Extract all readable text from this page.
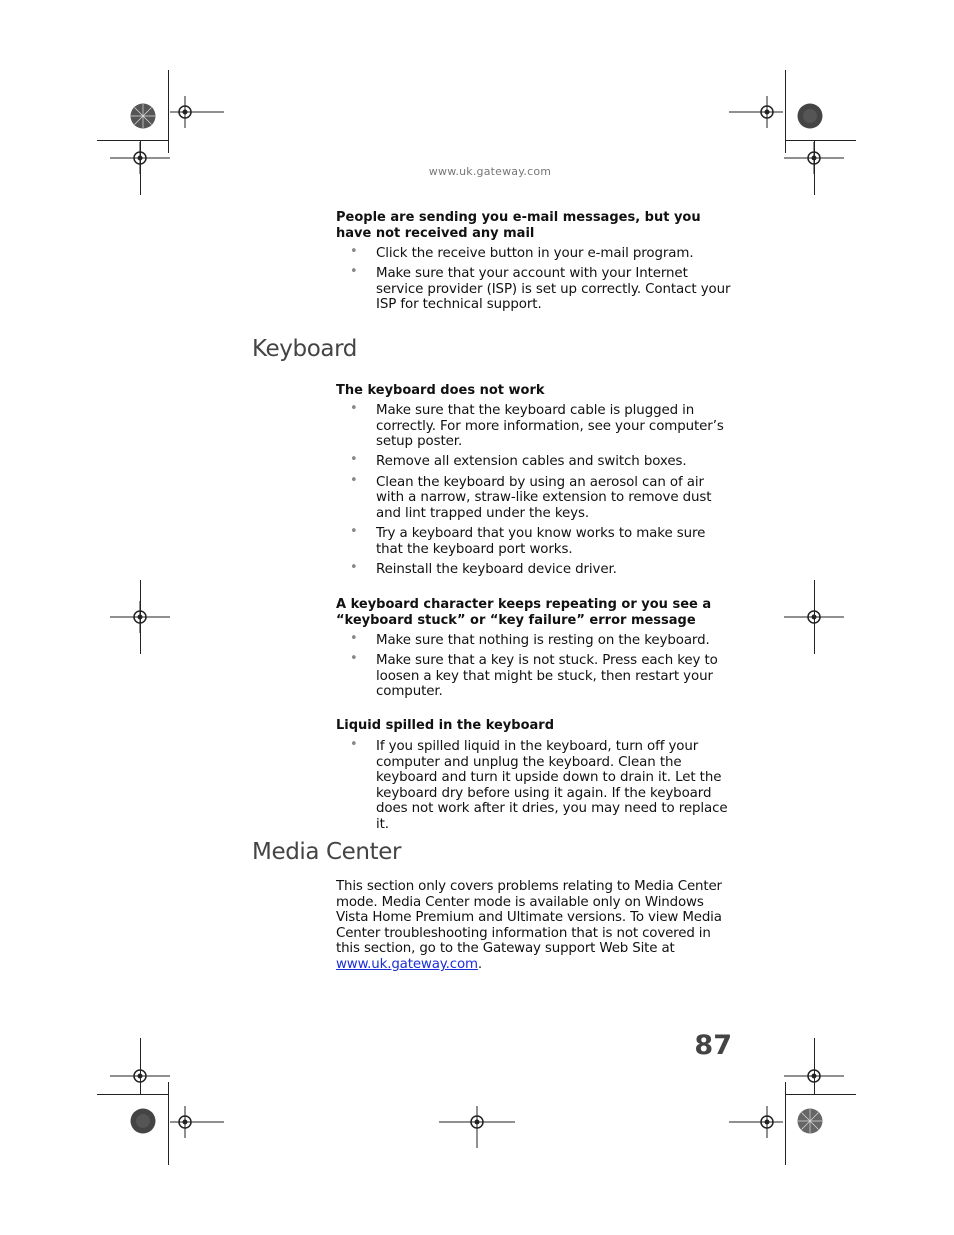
www.uk.gateway.com
People are sending you e-mail messages, but you have not received any mail
• Click the receive button in your e-mail program.
• Make sure that your account with your Internet service provider (ISP) is set up correctly. Contact your ISP for technical support.
Keyboard
The keyboard does not work
• Make sure that the keyboard cable is plugged in correctly. For more information, see your computer’s setup poster.
• Remove all extension cables and switch boxes.
• Clean the keyboard by using an aerosol can of air with a narrow, straw-like extension to remove dust and lint trapped under the keys.
• Try a keyboard that you know works to make sure that the keyboard port works.
• Reinstall the keyboard device driver.
A keyboard character keeps repeating or you see a “keyboard stuck” or “key failure” error message
• Make sure that nothing is resting on the keyboard.
• Make sure that a key is not stuck. Press each key to loosen a key that might be stuck, then restart your computer.
Liquid spilled in the keyboard
• If you spilled liquid in the keyboard, turn off your computer and unplug the keyboard. Clean the keyboard and turn it upside down to drain it. Let the keyboard dry before using it again. If the keyboard does not work after it dries, you may need to replace it.
Media Center
This section only covers problems relating to Media Center mode. Media Center mode is available only on Windows Vista Home Premium and Ultimate versions. To view Media Center troubleshooting information that is not covered in this section, go to the Gateway support Web Site at www.uk.gateway.com.
87
